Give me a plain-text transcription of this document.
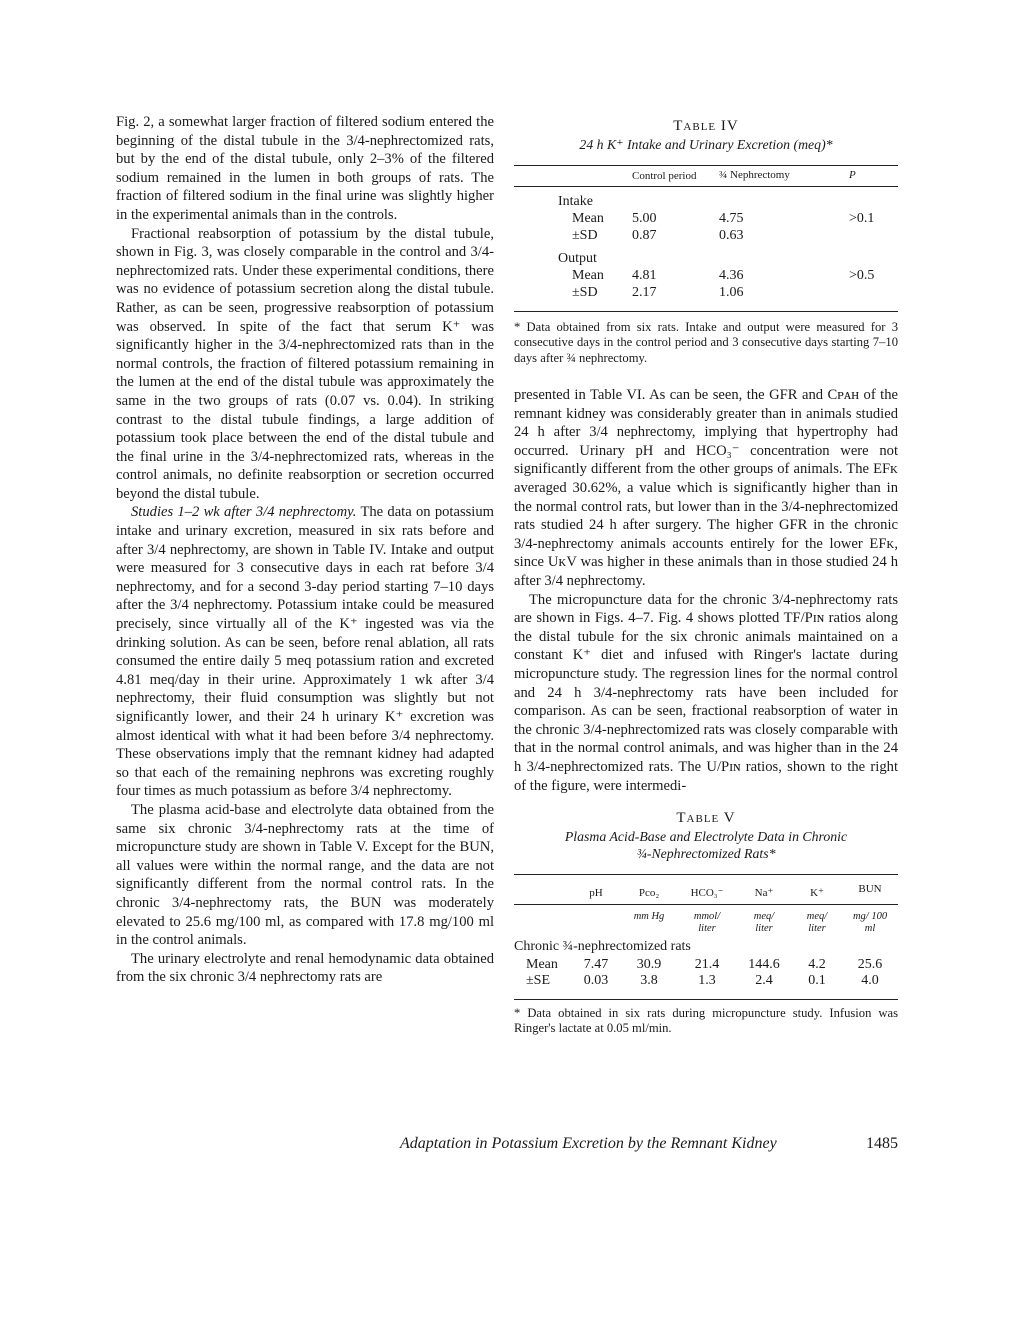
Fig. 2, a somewhat larger fraction of filtered sodium entered the beginning of the distal tubule in the 3/4-nephrectomized rats, but by the end of the distal tubule, only 2–3% of the filtered sodium remained in the lumen in both groups of rats. The fraction of filtered sodium in the final urine was slightly higher in the experimental animals than in the controls.

Fractional reabsorption of potassium by the distal tubule, shown in Fig. 3, was closely comparable in the control and 3/4-nephrectomized rats. Under these experimental conditions, there was no evidence of potassium secretion along the distal tubule. Rather, as can be seen, progressive reabsorption of potassium was observed. In spite of the fact that serum K⁺ was significantly higher in the 3/4-nephrectomized rats than in the normal controls, the fraction of filtered potassium remaining in the lumen at the end of the distal tubule was approximately the same in the two groups of rats (0.07 vs. 0.04). In striking contrast to the distal tubule findings, a large addition of potassium took place between the end of the distal tubule and the final urine in the 3/4-nephrectomized rats, whereas in the control animals, no definite reabsorption or secretion occurred beyond the distal tubule.

Studies 1–2 wk after 3/4 nephrectomy. The data on potassium intake and urinary excretion, measured in six rats before and after 3/4 nephrectomy, are shown in Table IV. Intake and output were measured for 3 consecutive days in each rat before 3/4 nephrectomy, and for a second 3-day period starting 7–10 days after the 3/4 nephrectomy. Potassium intake could be measured precisely, since virtually all of the K⁺ ingested was via the drinking solution. As can be seen, before renal ablation, all rats consumed the entire daily 5 meq potassium ration and excreted 4.81 meq/day in their urine. Approximately 1 wk after 3/4 nephrectomy, their fluid consumption was slightly but not significantly lower, and their 24 h urinary K⁺ excretion was almost identical with what it had been before 3/4 nephrectomy. These observations imply that the remnant kidney had adapted so that each of the remaining nephrons was excreting roughly four times as much potassium as before 3/4 nephrectomy.

The plasma acid-base and electrolyte data obtained from the same six chronic 3/4-nephrectomy rats at the time of micropuncture study are shown in Table V. Except for the BUN, all values were within the normal range, and the data are not significantly different from the normal control rats. In the chronic 3/4-nephrectomy rats, the BUN was moderately elevated to 25.6 mg/100 ml, as compared with 17.8 mg/100 ml in the control animals.

The urinary electrolyte and renal hemodynamic data obtained from the six chronic 3/4 nephrectomy rats are

Table IV
24 h K⁺ Intake and Urinary Excretion (meq)*
	Control period	¾ Nephrectomy	P
Intake			
Mean	5.00	4.75	>0.1
±SD	0.87	0.63	
Output			
Mean	4.81	4.36	>0.5
±SD	2.17	1.06	

* Data obtained from six rats. Intake and output were measured for 3 consecutive days in the control period and 3 consecutive days starting 7–10 days after ¾ nephrectomy.

presented in Table VI. As can be seen, the GFR and Cᴘᴀʜ of the remnant kidney was considerably greater than in animals studied 24 h after 3/4 nephrectomy, implying that hypertrophy had occurred. Urinary pH and HCO₃⁻ concentration were not significantly different from the other groups of animals. The EFᴋ averaged 30.62%, a value which is significantly higher than in the normal control rats, but lower than in the 3/4-nephrectomized rats studied 24 h after surgery. The higher GFR in the chronic 3/4-nephrectomy animals accounts entirely for the lower EFᴋ, since UᴋV was higher in these animals than in those studied 24 h after 3/4 nephrectomy.

The micropuncture data for the chronic 3/4-nephrectomy rats are shown in Figs. 4–7. Fig. 4 shows plotted TF/Pɪɴ ratios along the distal tubule for the six chronic animals maintained on a constant K⁺ diet and infused with Ringer's lactate during micropuncture study. The regression lines for the normal control and 24 h 3/4-nephrectomy rats have been included for comparison. As can be seen, fractional reabsorption of water in the chronic 3/4-nephrectomized rats was closely comparable with that in the normal control animals, and was higher than in the 24 h 3/4-nephrectomized rats. The U/Pɪɴ ratios, shown to the right of the figure, were intermedi-

Table V
Plasma Acid-Base and Electrolyte Data in Chronic
¾-Nephrectomized Rats*
	pH	Pco₂	HCO₃⁻	Na⁺	K⁺	BUN
		mm Hg	mmol/ liter	meq/ liter	meq/ liter	mg/ 100 ml
Chronic ¾-nephrectomized rats						
Mean	7.47	30.9	21.4	144.6	4.2	25.6
±SE	0.03	3.8	1.3	2.4	0.1	4.0

* Data obtained in six rats during micropuncture study. Infusion was Ringer's lactate at 0.05 ml/min.
Adaptation in Potassium Excretion by the Remnant Kidney	1485
